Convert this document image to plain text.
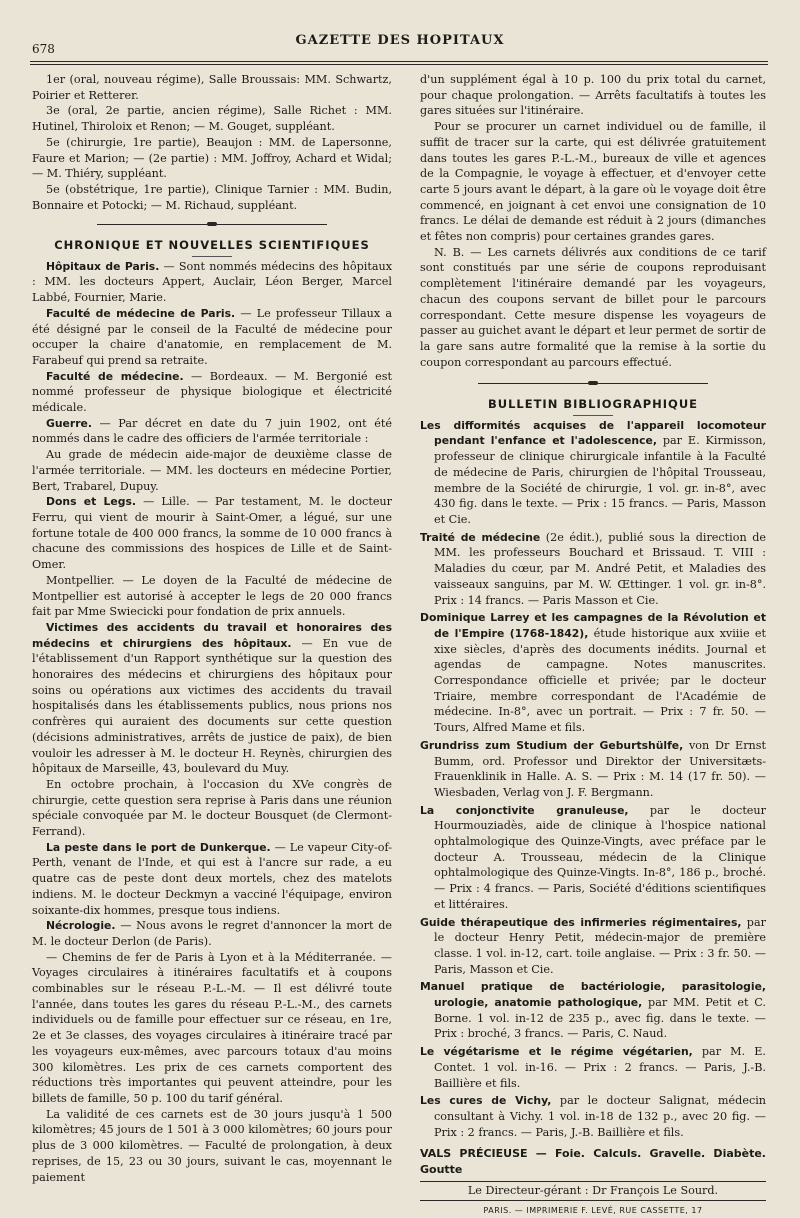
678
GAZETTE DES HOPITAUX

1er (oral, nouveau régime), Salle Broussais: MM. Schwartz, Poirier et Retterer.

3e (oral, 2e partie, ancien régime), Salle Richet : MM. Hutinel, Thiroloix et Renon; — M. Gouget, suppléant.

5e (chirurgie, 1re partie), Beaujon : MM. de Lapersonne, Faure et Marion; — (2e partie) : MM. Joffroy, Achard et Widal; — M. Thiéry, suppléant.

5e (obstétrique, 1re partie), Clinique Tarnier : MM. Budin, Bonnaire et Potocki; — M. Richaud, suppléant.

CHRONIQUE ET NOUVELLES SCIENTIFIQUES

Hôpitaux de Paris. — Sont nommés médecins des hôpitaux : MM. les docteurs Appert, Auclair, Léon Berger, Marcel Labbé, Fournier, Marie.

Faculté de médecine de Paris. — Le professeur Tillaux a été désigné par le conseil de la Faculté de médecine pour occuper la chaire d'anatomie, en remplacement de M. Farabeuf qui prend sa retraite.

Faculté de médecine. — Bordeaux. — M. Bergonié est nommé professeur de physique biologique et électricité médicale.

Guerre. — Par décret en date du 7 juin 1902, ont été nommés dans le cadre des officiers de l'armée territoriale :

Au grade de médecin aide-major de deuxième classe de l'armée territoriale. — MM. les docteurs en médecine Portier, Bert, Trabarel, Dupuy.

Dons et Legs. — Lille. — Par testament, M. le docteur Ferru, qui vient de mourir à Saint-Omer, a légué, sur une fortune totale de 400 000 francs, la somme de 10 000 francs à chacune des commissions des hospices de Lille et de Saint-Omer.

Montpellier. — Le doyen de la Faculté de médecine de Montpellier est autorisé à accepter le legs de 20 000 francs fait par Mme Swiecicki pour fondation de prix annuels.

Victimes des accidents du travail et honoraires des médecins et chirurgiens des hôpitaux. — En vue de l'établissement d'un Rapport synthétique sur la question des honoraires des médecins et chirurgiens des hôpitaux pour soins ou opérations aux victimes des accidents du travail hospitalisés dans les établissements publics, nous prions nos confrères qui auraient des documents sur cette question (décisions administratives, arrêts de justice de paix), de bien vouloir les adresser à M. le docteur H. Reynès, chirurgien des hôpitaux de Marseille, 43, boulevard du Muy.

En octobre prochain, à l'occasion du XVe congrès de chirurgie, cette question sera reprise à Paris dans une réunion spéciale convoquée par M. le docteur Bousquet (de Clermont-Ferrand).

La peste dans le port de Dunkerque. — Le vapeur City-of-Perth, venant de l'Inde, et qui est à l'ancre sur rade, a eu quatre cas de peste dont deux mortels, chez des matelots indiens. M. le docteur Deckmyn a vacciné l'équipage, environ soixante-dix hommes, presque tous indiens.

Nécrologie. — Nous avons le regret d'annoncer la mort de M. le docteur Derlon (de Paris).

— Chemins de fer de Paris à Lyon et à la Méditerranée. — Voyages circulaires à itinéraires facultatifs et à coupons combinables sur le réseau P.-L.-M. — Il est délivré toute l'année, dans toutes les gares du réseau P.-L.-M., des carnets individuels ou de famille pour effectuer sur ce réseau, en 1re, 2e et 3e classes, des voyages circulaires à itinéraire tracé par les voyageurs eux-mêmes, avec parcours totaux d'au moins 300 kilomètres. Les prix de ces carnets comportent des réductions très importantes qui peuvent atteindre, pour les billets de famille, 50 p. 100 du tarif général.

La validité de ces carnets est de 30 jours jusqu'à 1 500 kilomètres; 45 jours de 1 501 à 3 000 kilomètres; 60 jours pour plus de 3 000 kilomètres. — Faculté de prolongation, à deux reprises, de 15, 23 ou 30 jours, suivant le cas, moyennant le paiement

d'un supplément égal à 10 p. 100 du prix total du carnet, pour chaque prolongation. — Arrêts facultatifs à toutes les gares situées sur l'itinéraire.

Pour se procurer un carnet individuel ou de famille, il suffit de tracer sur la carte, qui est délivrée gratuitement dans toutes les gares P.-L.-M., bureaux de ville et agences de la Compagnie, le voyage à effectuer, et d'envoyer cette carte 5 jours avant le départ, à la gare où le voyage doit être commencé, en joignant à cet envoi une consignation de 10 francs. Le délai de demande est réduit à 2 jours (dimanches et fêtes non compris) pour certaines grandes gares.

N. B. — Les carnets délivrés aux conditions de ce tarif sont constitués par une série de coupons reproduisant complètement l'itinéraire demandé par les voyageurs, chacun des coupons servant de billet pour le parcours correspondant. Cette mesure dispense les voyageurs de passer au guichet avant le départ et leur permet de sortir de la gare sans autre formalité que la remise à la sortie du coupon correspondant au parcours effectué.

BULLETIN BIBLIOGRAPHIQUE

Les difformités acquises de l'appareil locomoteur pendant l'enfance et l'adolescence, par E. Kirmisson, professeur de clinique chirurgicale infantile à la Faculté de médecine de Paris, chirurgien de l'hôpital Trousseau, membre de la Société de chirurgie, 1 vol. gr. in-8°, avec 430 fig. dans le texte. — Prix : 15 francs. — Paris, Masson et Cie.

Traité de médecine (2e édit.), publié sous la direction de MM. les professeurs Bouchard et Brissaud. T. VIII : Maladies du cœur, par M. André Petit, et Maladies des vaisseaux sanguins, par M. W. Œttinger. 1 vol. gr. in-8°. Prix : 14 francs. — Paris Masson et Cie.

Dominique Larrey et les campagnes de la Révolution et de l'Empire (1768-1842), étude historique aux xviiie et xixe siècles, d'après des documents inédits. Journal et agendas de campagne. Notes manuscrites. Correspondance officielle et privée; par le docteur Triaire, membre correspondant de l'Académie de médecine. In-8°, avec un portrait. — Prix : 7 fr. 50. — Tours, Alfred Mame et fils.

Grundriss zum Studium der Geburtshülfe, von Dr Ernst Bumm, ord. Professor und Direktor der Universitæts-Frauenklinik in Halle. A. S. — Prix : M. 14 (17 fr. 50). — Wiesbaden, Verlag von J. F. Bergmann.

La conjonctivite granuleuse, par le docteur Hourmouziadès, aide de clinique à l'hospice national ophtalmologique des Quinze-Vingts, avec préface par le docteur A. Trousseau, médecin de la Clinique ophtalmologique des Quinze-Vingts. In-8°, 186 p., broché. — Prix : 4 francs. — Paris, Société d'éditions scientifiques et littéraires.

Guide thérapeutique des infirmeries régimentaires, par le docteur Henry Petit, médecin-major de première classe. 1 vol. in-12, cart. toile anglaise. — Prix : 3 fr. 50. — Paris, Masson et Cie.

Manuel pratique de bactériologie, parasitologie, urologie, anatomie pathologique, par MM. Petit et C. Borne. 1 vol. in-12 de 235 p., avec fig. dans le texte. — Prix : broché, 3 francs. — Paris, C. Naud.

Le végétarisme et le régime végétarien, par M. E. Contet. 1 vol. in-16. — Prix : 2 francs. — Paris, J.-B. Baillière et fils.

Les cures de Vichy, par le docteur Salignat, médecin consultant à Vichy. 1 vol. in-18 de 132 p., avec 20 fig. — Prix : 2 francs. — Paris, J.-B. Baillière et fils.

VALS PRÉCIEUSE — Foie. Calculs. Gravelle. Diabète. Goutte
Le Directeur-gérant : Dr François Le Sourd.
PARIS. — IMPRIMERIE F. LEVÉ, RUE CASSETTE, 17
